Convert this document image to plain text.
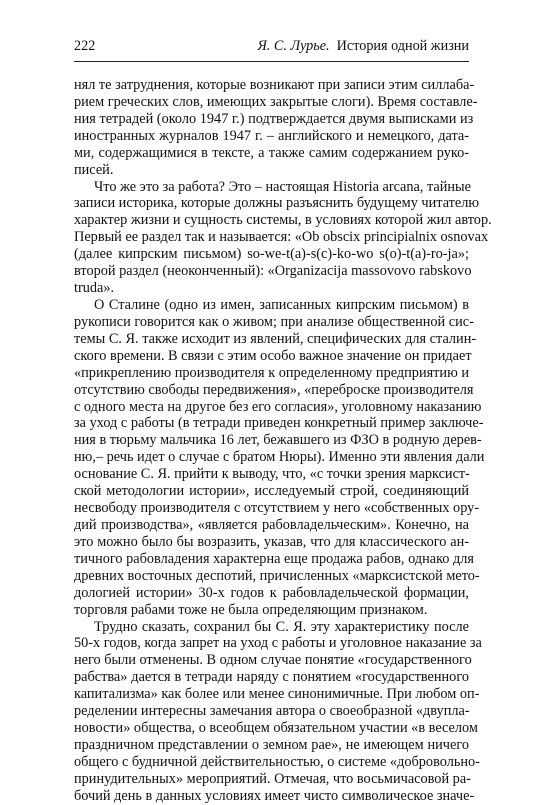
222	Я. С. Лурье. История одной жизни
нял те затруднения, которые возникают при записи этим силлаба-
рием греческих слов, имеющих закрытые слоги). Время составле-
ния тетрадей (около 1947 г.) подтверждается двумя выписками из
иностранных журналов 1947 г. – английского и немецкого, дата-
ми, содержащимися в тексте, а также самим содержанием руко-
писей.
Что же это за работа? Это – настоящая Historia arcana, тайные
записи историка, которые должны разъяснить будущему читателю
характер жизни и сущность системы, в условиях которой жил автор.
Первый ее раздел так и называется: «Ob obscix principialnix osnovax
(далее кипрским письмом) so-we-t(a)-s(c)-ko-wo s(o)-t(a)-ro-ja»;
второй раздел (неоконченный): «Organizacija massovovo rabskovo
truda».
О Сталине (одно из имен, записанных кипрским письмом) в
рукописи говорится как о живом; при анализе общественной сис-
темы С. Я. также исходит из явлений, специфических для сталин-
ского времени. В связи с этим особо важное значение он придает
«прикреплению производителя к определенному предприятию и
отсутствию свободы передвижения», «переброске производителя
с одного места на другое без его согласия», уголовному наказанию
за уход с работы (в тетради приведен конкретный пример заключе-
ния в тюрьму мальчика 16 лет, бежавшего из ФЗО в родную дерев-
ню,– речь идет о случае с братом Нюры). Именно эти явления дали
основание С. Я. прийти к выводу, что, «с точки зрения марксист-
ской методологии истории», исследуемый строй, соединяющий
несвободу производителя с отсутствием у него «собственных ору-
дий производства», «является рабовладельческим». Конечно, на
это можно было бы возразить, указав, что для классического ан-
тичного рабовладения характерна еще продажа рабов, однако для
древних восточных деспотий, причисленных «марксистской мето-
дологией истории» 30-х годов к рабовладельческой формации,
торговля рабами тоже не была определяющим признаком.
Трудно сказать, сохранил бы С. Я. эту характеристику после
50-х годов, когда запрет на уход с работы и уголовное наказание за
него были отменены. В одном случае понятие «государственного
рабства» дается в тетради наряду с понятием «государственного
капитализма» как более или менее синонимичные. При любом оп-
ределении интересны замечания автора о своеобразной «двупла-
новости» общества, о всеобщем обязательном участии «в веселом
праздничном представлении о земном рае», не имеющем ничего
общего с будничной действительностью, о системе «добровольно-
принудительных» мероприятий. Отмечая, что восьмичасовой ра-
бочий день в данных условиях имеет чисто символическое значе-
